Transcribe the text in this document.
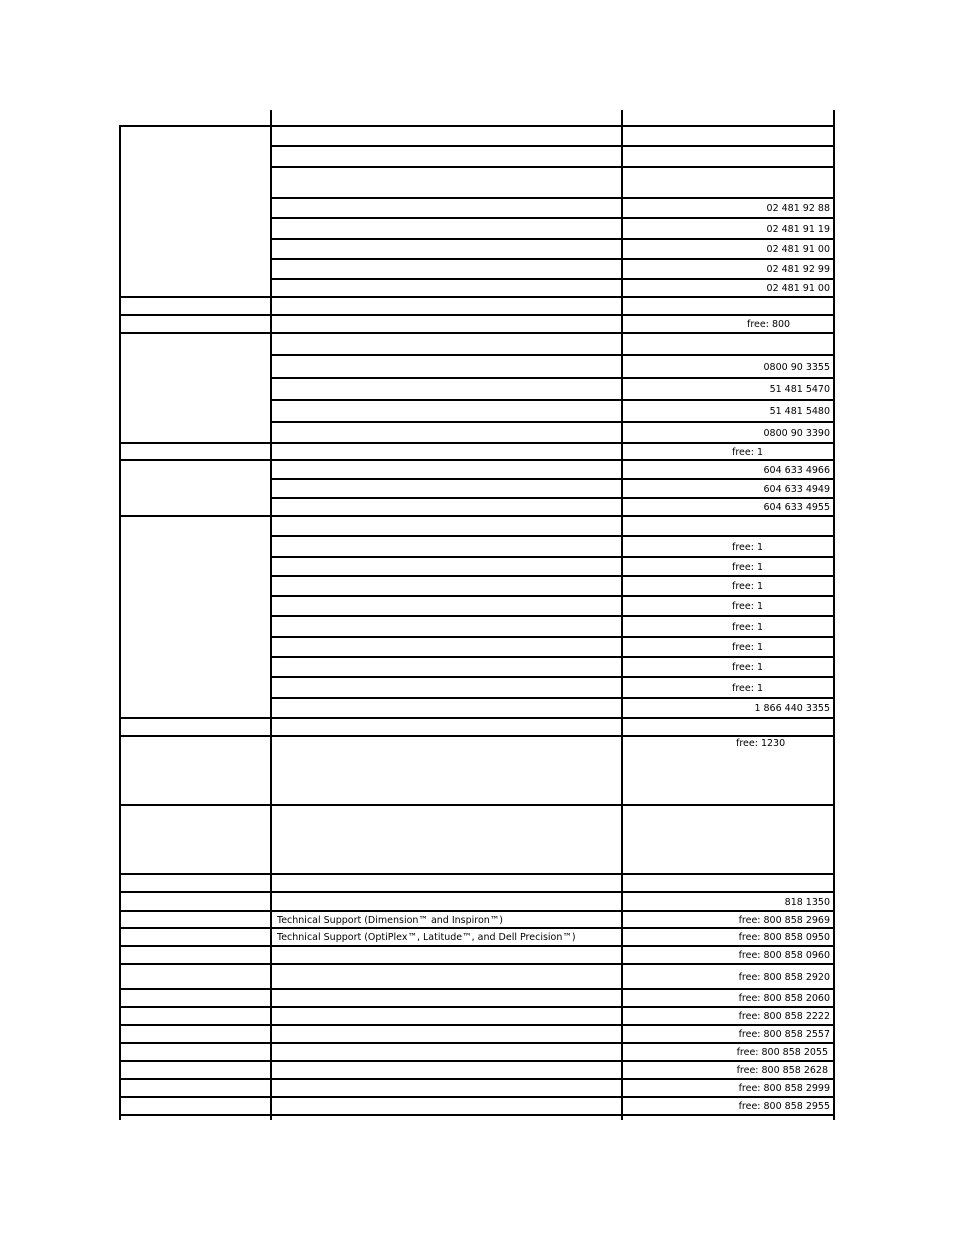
02 481 92 88
02 481 91 19
02 481 91 00
02 481 92 99
02 481 91 00
free: 800
0800 90 3355
51 481 5470
51 481 5480
0800 90 3390
free: 1
604 633 4966
604 633 4949
604 633 4955
free: 1
free: 1
free: 1
free: 1
free: 1
free: 1
free: 1
free: 1
1 866 440 3355
free: 1230
818 1350
Technical Support (Dimension™ and Inspiron™)	free: 800 858 2969
Technical Support (OptiPlex™, Latitude™, and Dell Precision™)	free: 800 858 0950
free: 800 858 0960
free: 800 858 2920
free: 800 858 2060
free: 800 858 2222
free: 800 858 2557
free: 800 858 2055
free: 800 858 2628
free: 800 858 2999
free: 800 858 2955
